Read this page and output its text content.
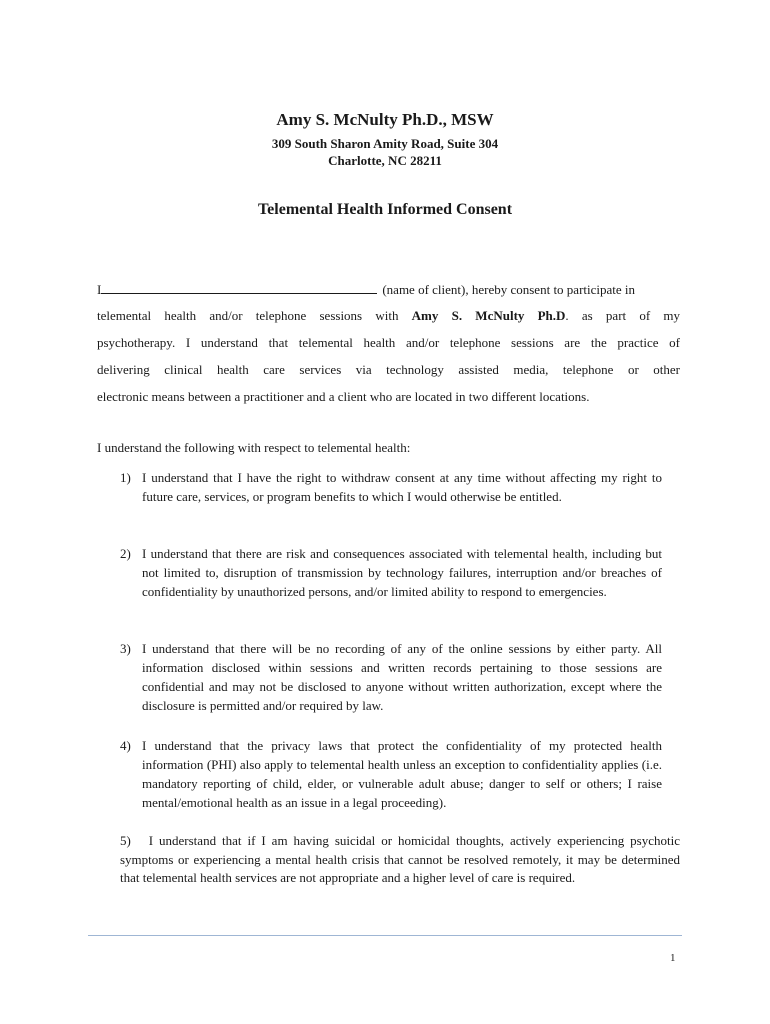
Amy S. McNulty Ph.D., MSW
309 South Sharon Amity Road, Suite 304
Charlotte, NC 28211
Telemental Health Informed Consent
I	(name of client), hereby consent to participate in
telemental health and/or telephone sessions with Amy S. McNulty Ph.D. as part of my
psychotherapy. I understand that telemental health and/or telephone sessions are the practice of
delivering clinical health care services via technology assisted media, telephone or other
electronic means between a practitioner and a client who are located in two different locations.
I understand the following with respect to telemental health:
1) I understand that I have the right to withdraw consent at any time without affecting my right to future care, services, or program benefits to which I would otherwise be entitled.
2) I understand that there are risk and consequences associated with telemental health, including but not limited to, disruption of transmission by technology failures, interruption and/or breaches of confidentiality by unauthorized persons, and/or limited ability to respond to emergencies.
3) I understand that there will be no recording of any of the online sessions by either party. All information disclosed within sessions and written records pertaining to those sessions are confidential and may not be disclosed to anyone without written authorization, except where the disclosure is permitted and/or required by law.
4) I understand that the privacy laws that protect the confidentiality of my protected health information (PHI) also apply to telemental health unless an exception to confidentiality applies (i.e. mandatory reporting of child, elder, or vulnerable adult abuse; danger to self or others; I raise mental/emotional health as an issue in a legal proceeding).
5) I understand that if I am having suicidal or homicidal thoughts, actively experiencing psychotic symptoms or experiencing a mental health crisis that cannot be resolved remotely, it may be determined that telemental health services are not appropriate and a higher level of care is required.
1
